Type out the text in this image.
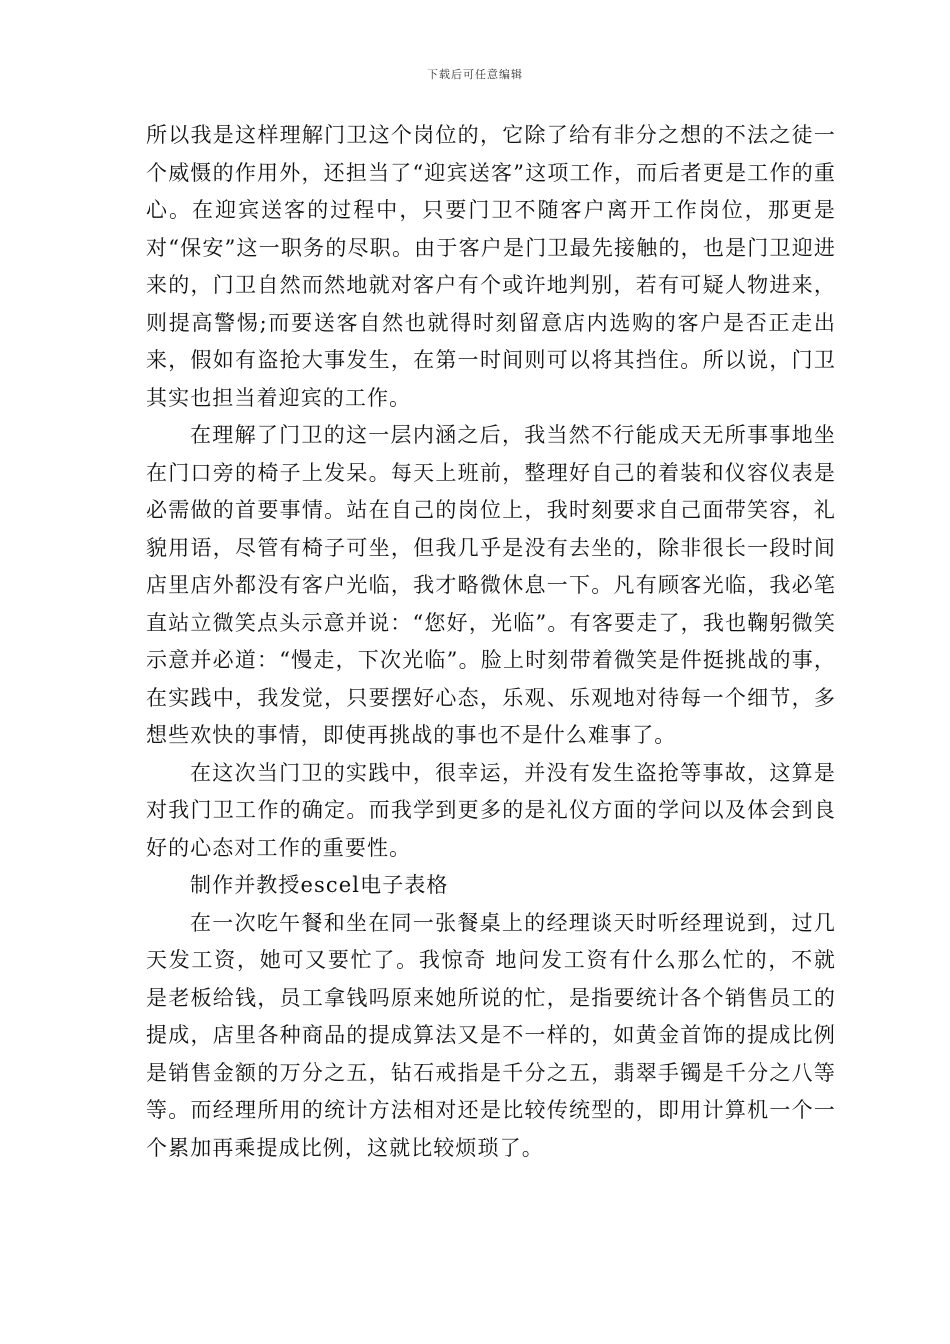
下载后可任意编辑

所以我是这样理解门卫这个岗位的，它除了给有非分之想的不法之徒一个威慑的作用外，还担当了“迎宾送客”这项工作，而后者更是工作的重心。在迎宾送客的过程中，只要门卫不随客户离开工作岗位，那更是对“保安”这一职务的尽职。由于客户是门卫最先接触的，也是门卫迎进来的，门卫自然而然地就对客户有个或许地判别，若有可疑人物进来，则提高警惕;而要送客自然也就得时刻留意店内选购的客户是否正走出来，假如有盗抢大事发生，在第一时间则可以将其挡住。所以说，门卫其实也担当着迎宾的工作。

在理解了门卫的这一层内涵之后，我当然不行能成天无所事事地坐在门口旁的椅子上发呆。每天上班前，整理好自己的着装和仪容仪表是必需做的首要事情。站在自己的岗位上，我时刻要求自己面带笑容，礼貌用语，尽管有椅子可坐，但我几乎是没有去坐的，除非很长一段时间店里店外都没有客户光临，我才略微休息一下。凡有顾客光临，我必笔直站立微笑点头示意并说：“您好，光临”。有客要走了，我也鞠躬微笑示意并必道：“慢走，下次光临”。脸上时刻带着微笑是件挺挑战的事，在实践中，我发觉，只要摆好心态，乐观、乐观地对待每一个细节，多想些欢快的事情，即使再挑战的事也不是什么难事了。

在这次当门卫的实践中，很幸运，并没有发生盗抢等事故，这算是对我门卫工作的确定。而我学到更多的是礼仪方面的学问以及体会到良好的心态对工作的重要性。

制作并教授escel电子表格

在一次吃午餐和坐在同一张餐桌上的经理谈天时听经理说到，过几天发工资，她可又要忙了。我惊奇 地问发工资有什么那么忙的，不就是老板给钱，员工拿钱吗原来她所说的忙，是指要统计各个销售员工的提成，店里各种商品的提成算法又是不一样的，如黄金首饰的提成比例是销售金额的万分之五，钻石戒指是千分之五，翡翠手镯是千分之八等等。而经理所用的统计方法相对还是比较传统型的，即用计算机一个一个累加再乘提成比例，这就比较烦琐了。
